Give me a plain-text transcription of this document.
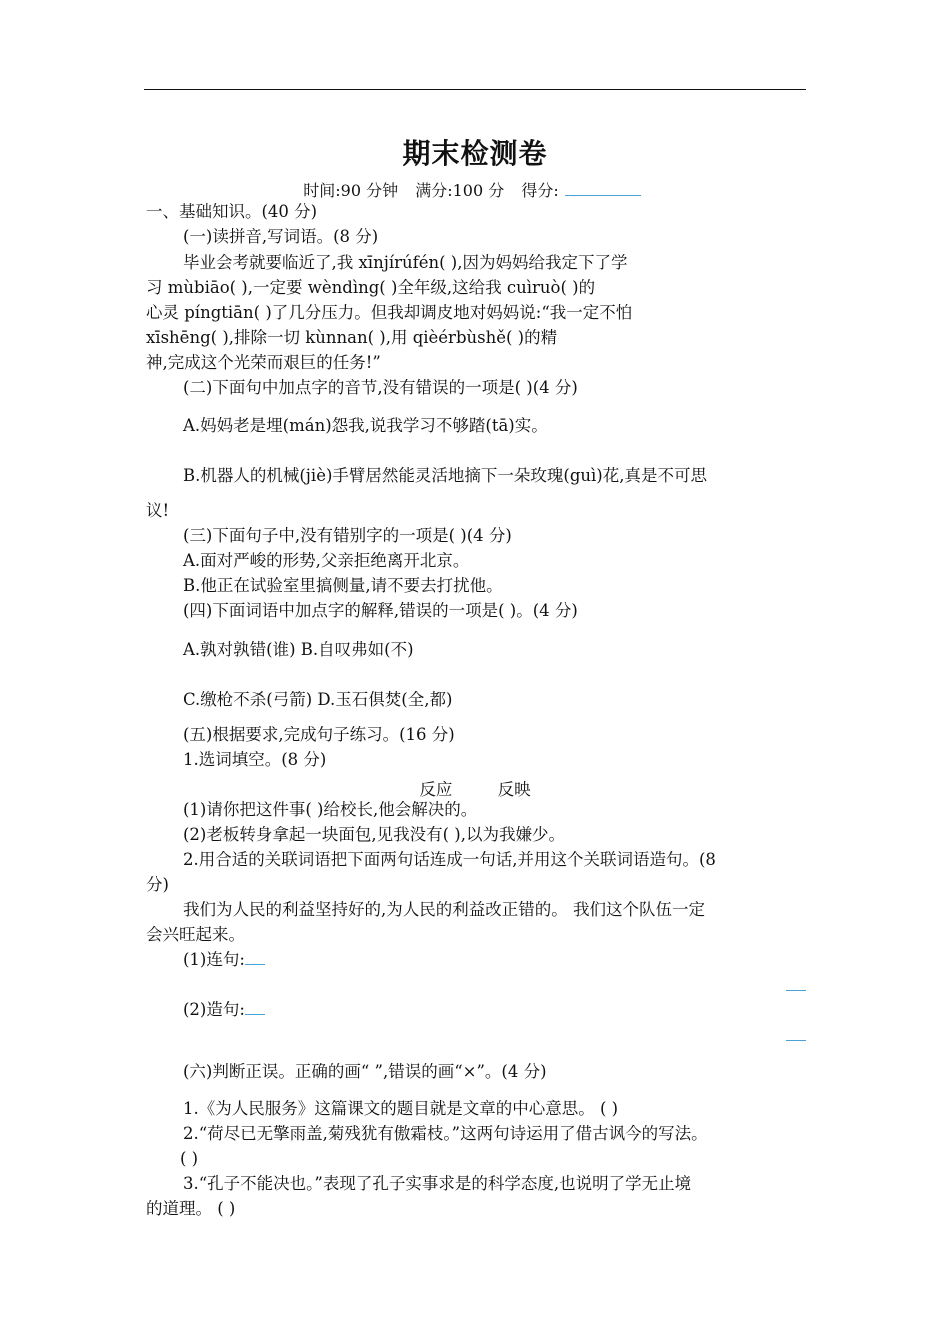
期末检测卷
时间:90 分钟 满分:100 分 得分:
一、基础知识。(40 分)
(一)读拼音,写词语。(8 分)
毕业会考就要临近了,我 xīnjírúfén( ),因为妈妈给我定下了学
习 mùbiāo( ),一定要 wèndìng( )全年级,这给我 cuìruò( )的
心灵 píngtiān( )了几分压力。但我却调皮地对妈妈说:“我一定不怕
xīshēng( ),排除一切 kùnnan( ),用 qièérbùshě( )的精
神,完成这个光荣而艰巨的任务!”
(二)下面句中加点字的音节,没有错误的一项是( )(4 分)
A.妈妈老是埋(mán)怨我,说我学习不够踏(tā)实。
B.机器人的机械(jiè)手臂居然能灵活地摘下一朵玫瑰(guì)花,真是不可思
议!
(三)下面句子中,没有错别字的一项是( )(4 分)
A.面对严峻的形势,父亲拒绝离开北京。
B.他正在试验室里搞侧量,请不要去打扰他。
(四)下面词语中加点字的解释,错误的一项是( )。(4 分)
A.孰对孰错(谁) B.自叹弗如(不)
C.缴枪不杀(弓箭) D.玉石俱焚(全,都)
(五)根据要求,完成句子练习。(16 分)
1.选词填空。(8 分)
反应	反映
(1)请你把这件事( )给校长,他会解决的。
(2)老板转身拿起一块面包,见我没有( ),以为我嫌少。
2.用合适的关联词语把下面两句话连成一句话,并用这个关联词语造句。(8
分)
我们为人民的利益坚持好的,为人民的利益改正错的。 我们这个队伍一定
会兴旺起来。
(1)连句:
(2)造句:
(六)判断正误。正确的画“ ”,错误的画“×”。(4 分)
1.《为人民服务》这篇课文的题目就是文章的中心意思。 ( )
2.“荷尽已无擎雨盖,菊残犹有傲霜枝。”这两句诗运用了借古讽今的写法。
( )
3.“孔子不能决也。”表现了孔子实事求是的科学态度,也说明了学无止境
的道理。 ( )
